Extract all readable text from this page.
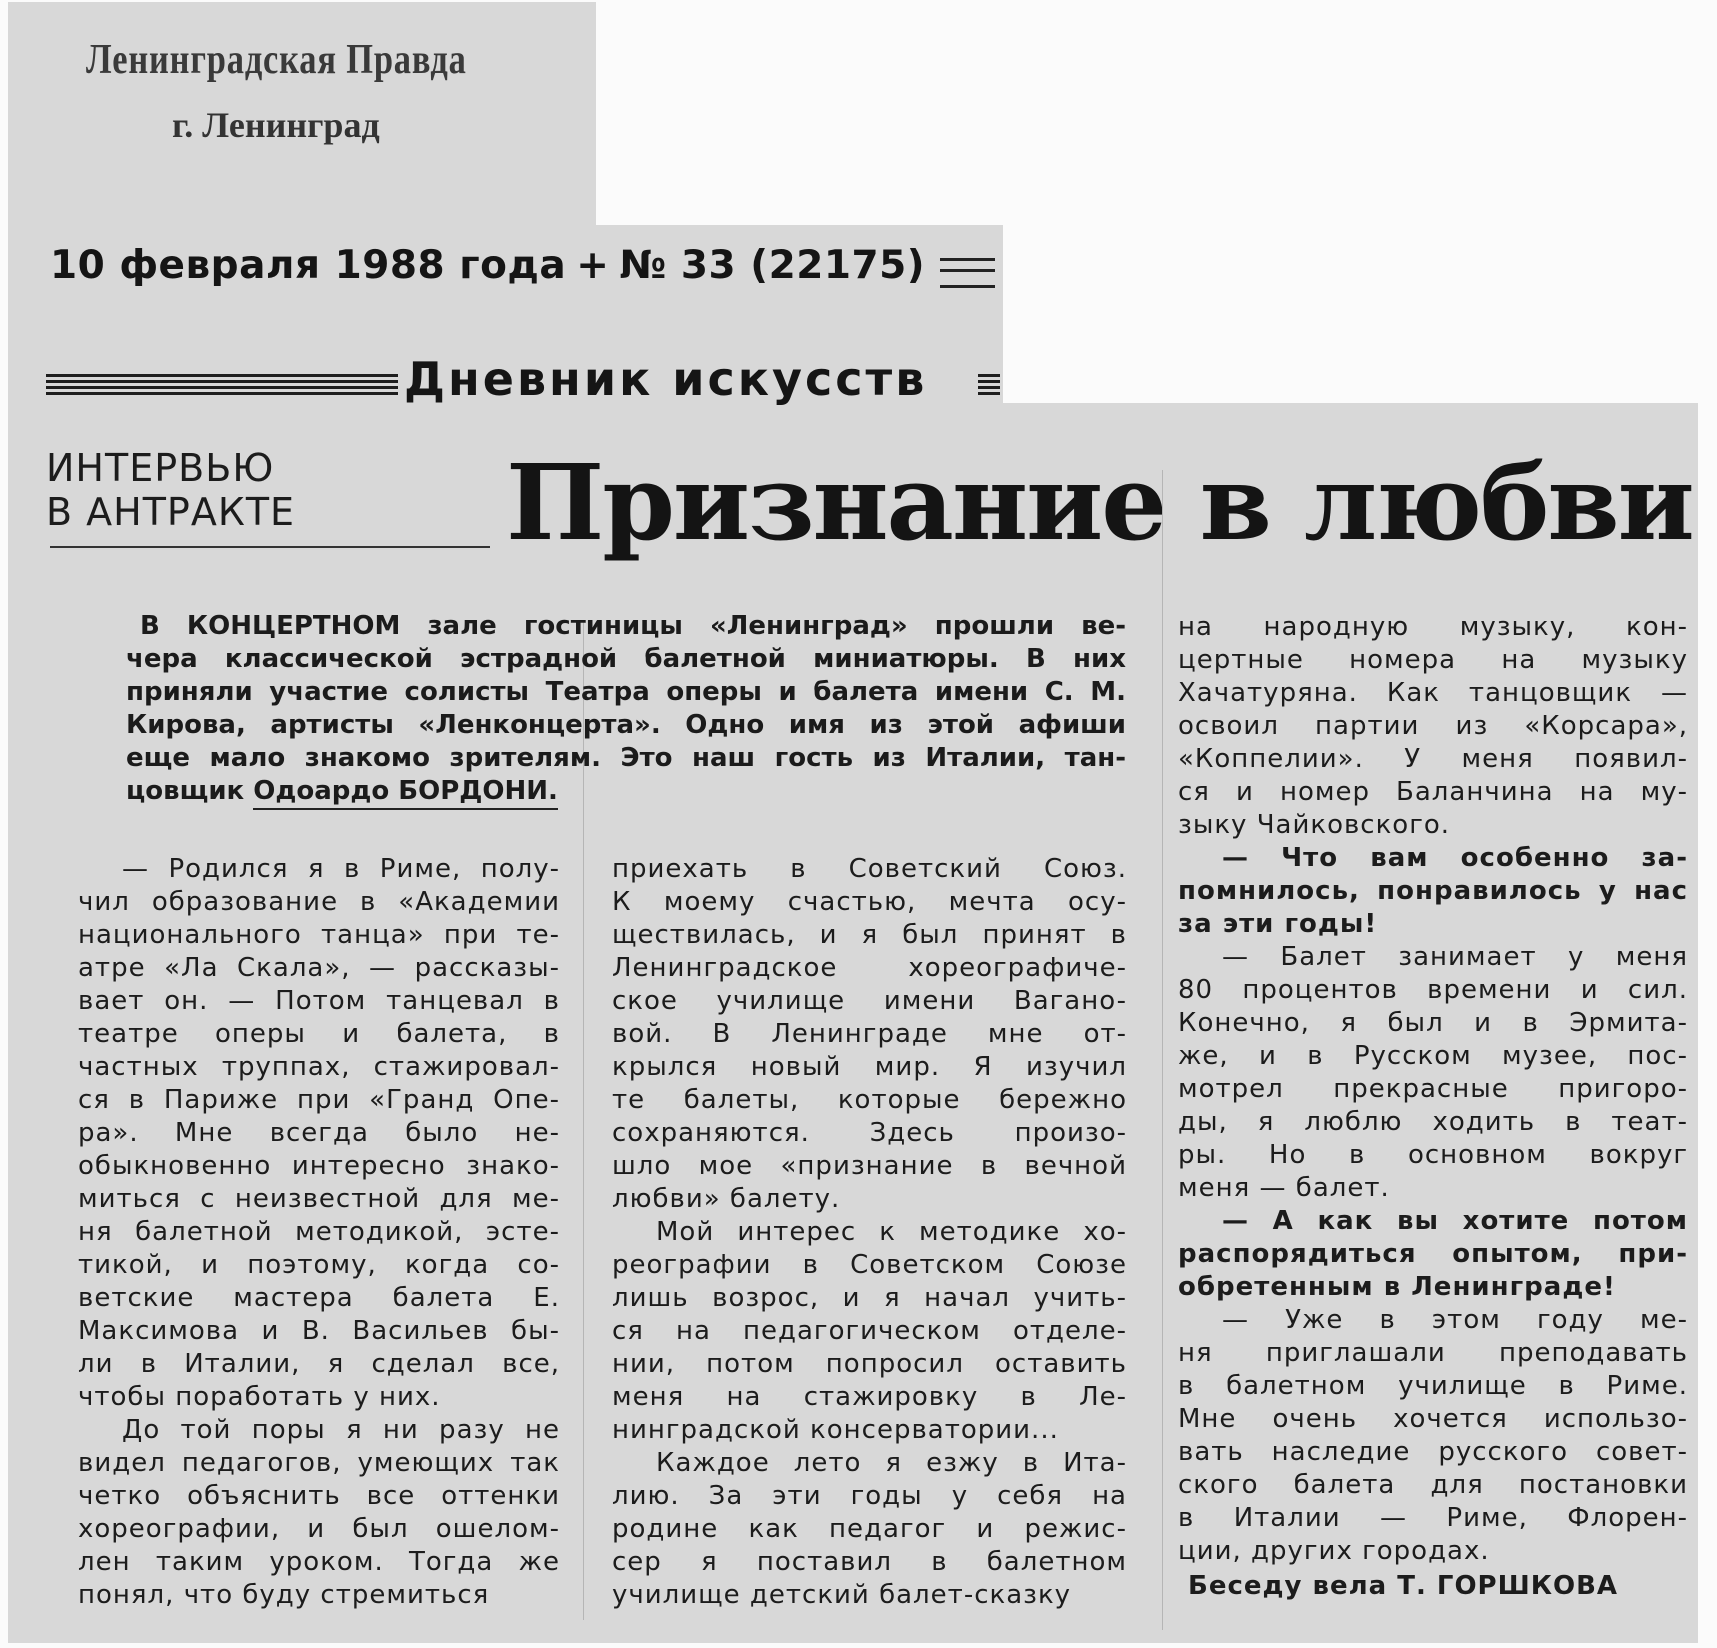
Ленинградская Правда
г. Ленинград
10 февраля 1988 года + № 33 (22175)
Дневник искусств
ИНТЕРВЬЮ
В АНТРАКТЕ Признание в любви
В КОНЦЕРТНОМ зале гостиницы «Ленинград» прошли ве-
чера классической эстрадной балетной миниатюры. В них
приняли участие солисты Театра оперы и балета имени С. М.
Кирова, артисты «Ленконцерта». Одно имя из этой афиши
еще мало знакомо зрителям. Это наш гость из Италии, тан-
цовщик Одоардо БОРДОНИ.
— Родился я в Риме, полу-
чил образование в «Академии
национального танца» при те-
атре «Ла Скала», — рассказы-
вает он. — Потом танцевал в
театре оперы и балета, в
частных труппах, стажировал-
ся в Париже при «Гранд Опе-
ра». Мне всегда было не-
обыкновенно интересно знако-
миться с неизвестной для ме-
ня балетной методикой, эсте-
тикой, и поэтому, когда со-
ветские мастера балета Е.
Максимова и В. Васильев бы-
ли в Италии, я сделал все,
чтобы поработать у них.
До той поры я ни разу не
видел педагогов, умеющих так
четко объяснить все оттенки
хореографии, и был ошелом-
лен таким уроком. Тогда же
понял, что буду стремиться
приехать в Советский Союз.
К моему счастью, мечта осу-
ществилась, и я был принят в
Ленинградское хореографиче-
ское училище имени Ваганo-
вой. В Ленинграде мне от-
крылся новый мир. Я изучил
те балеты, которые бережно
сохраняются. Здесь произо-
шло мое «признание в вечной
любви» балету.
Мой интерес к методике хо-
реографии в Советском Союзе
лишь возрос, и я начал учить-
ся на педагогическом отделе-
нии, потом попросил оставить
меня на стажировку в Ле-
нинградской консерватории...
Каждое лето я езжу в Ита-
лию. За эти годы у себя на
родине как педагог и режис-
сер я поставил в балетном
училище детский балет-сказку
на народную музыку, кон-
цертные номера на музыку
Хачатуряна. Как танцовщик —
освоил партии из «Корсара»,
«Коппелии». У меня появил-
ся и номер Баланчина на му-
зыку Чайковского.
— Что вам особенно за-
помнилось, понравилось у нас
за эти годы!
— Балет занимает у меня
80 процентов времени и сил.
Конечно, я был и в Эрмита-
же, и в Русском музее, пос-
мотрел прекрасные пригоро-
ды, я люблю ходить в теат-
ры. Но в основном вокруг
меня — балет.
— А как вы хотите потом
распорядиться опытом, при-
обретенным в Ленинграде!
— Уже в этом году ме-
ня приглашали преподавать
в балетном училище в Риме.
Мне очень хочется использо-
вать наследие русского совет-
ского балета для постановки
в Италии — Риме, Флорен-
ции, других городах.
Беседу вела Т. ГОРШКОВА
